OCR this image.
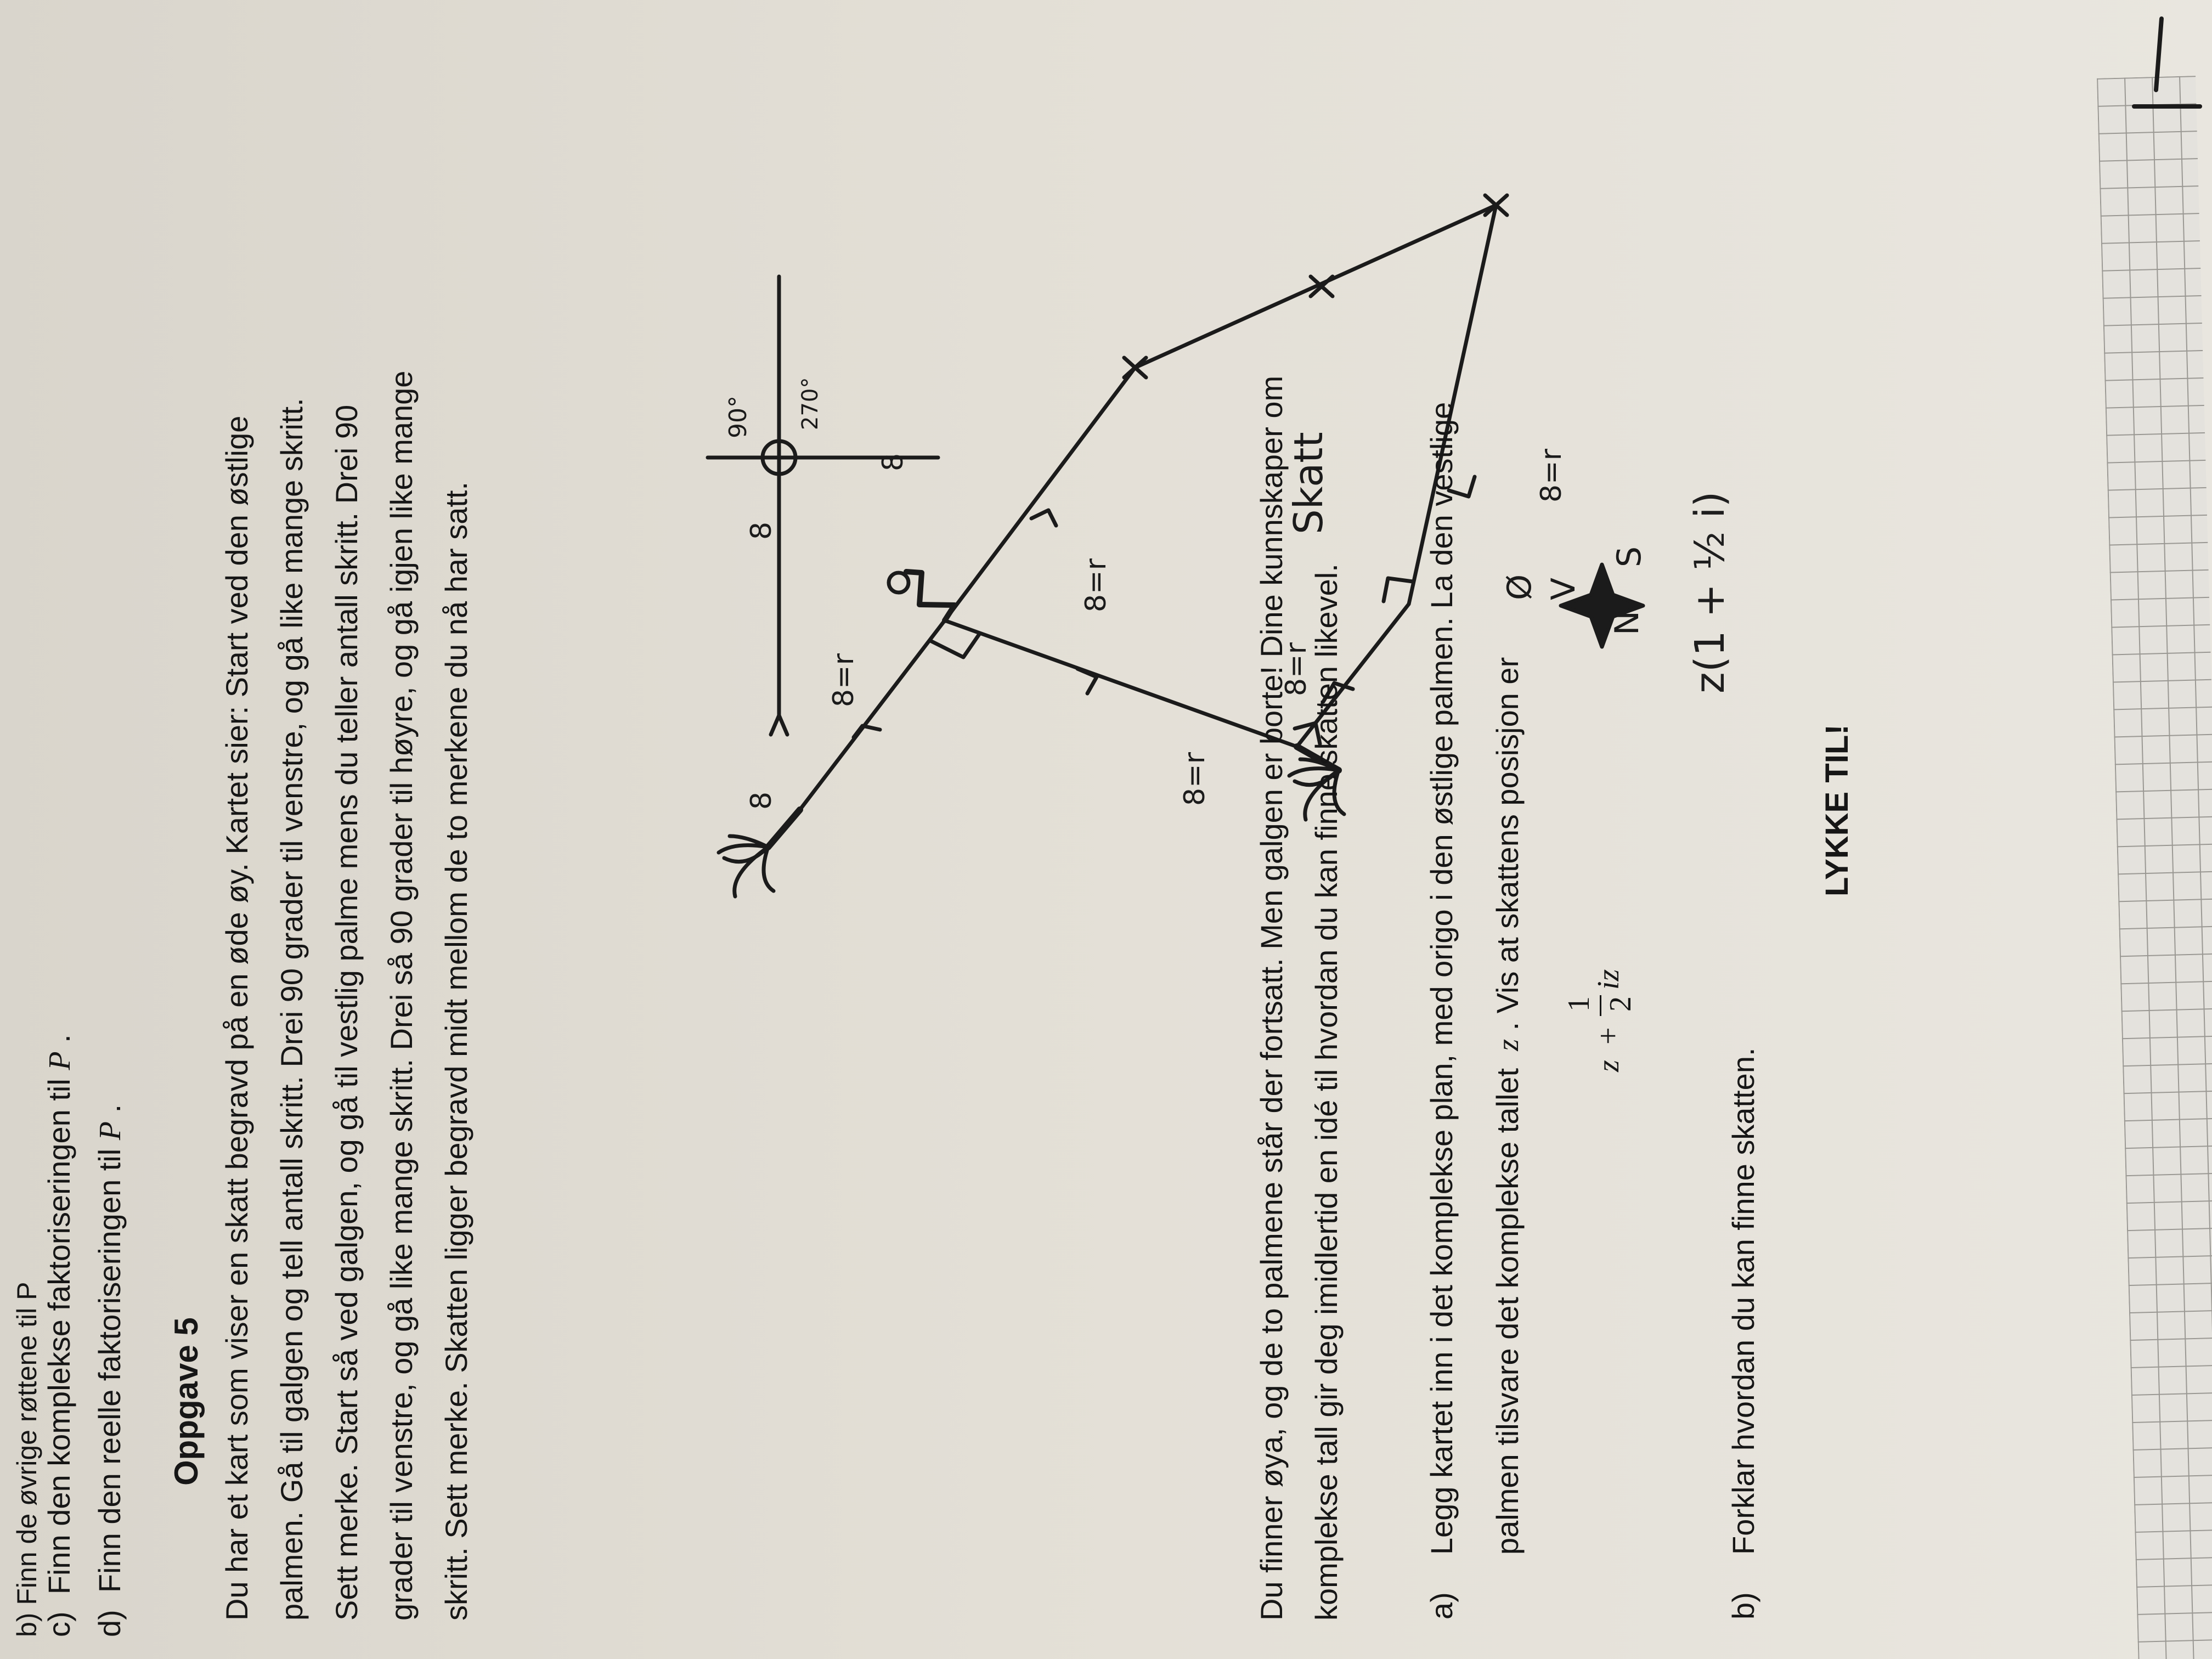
b) Finn de øvrige røttene til P
c)  Finn den komplekse faktoriseringen til P .
d)  Finn den reelle faktoriseringen til P .
Oppgave 5 Du har et kart som viser en skatt begravd på en øde øy. Kartet sier: Start ved den østlige palmen. Gå til galgen og tell antall skritt. Drei 90 grader til venstre, og gå like mange skritt. Sett merke. Start så ved galgen, og gå til vestlig palme mens du teller antall skritt. Drei 90 grader til venstre, og gå like mange skritt. Drei så 90 grader til høyre, og gå igjen like mange skritt. Sett merke. Skatten ligger begravd midt mellom de to merkene du nå har satt.	N
S
V
Ø
Skatt
8=r
8=r	8=r
8=r
8=r
8
8
8
90° 270°	Du finner øya, og de to palmene står der fortsatt. Men galgen er borte! Dine kunnskaper om komplekse tall gir deg imidlertid en idé til hvordan du kan finne skatten likevel.	a)
Legg kartet inn i det komplekse plan, med origo i den østlige palmen. La den vestlige palmen tilsvare det komplekse tallet  z . Vis at skattens posisjon er
z
+
1 2
iz
z(1 + ½ i)
b)
Forklar hvordan du kan finne skatten.
LYKKE TIL!
